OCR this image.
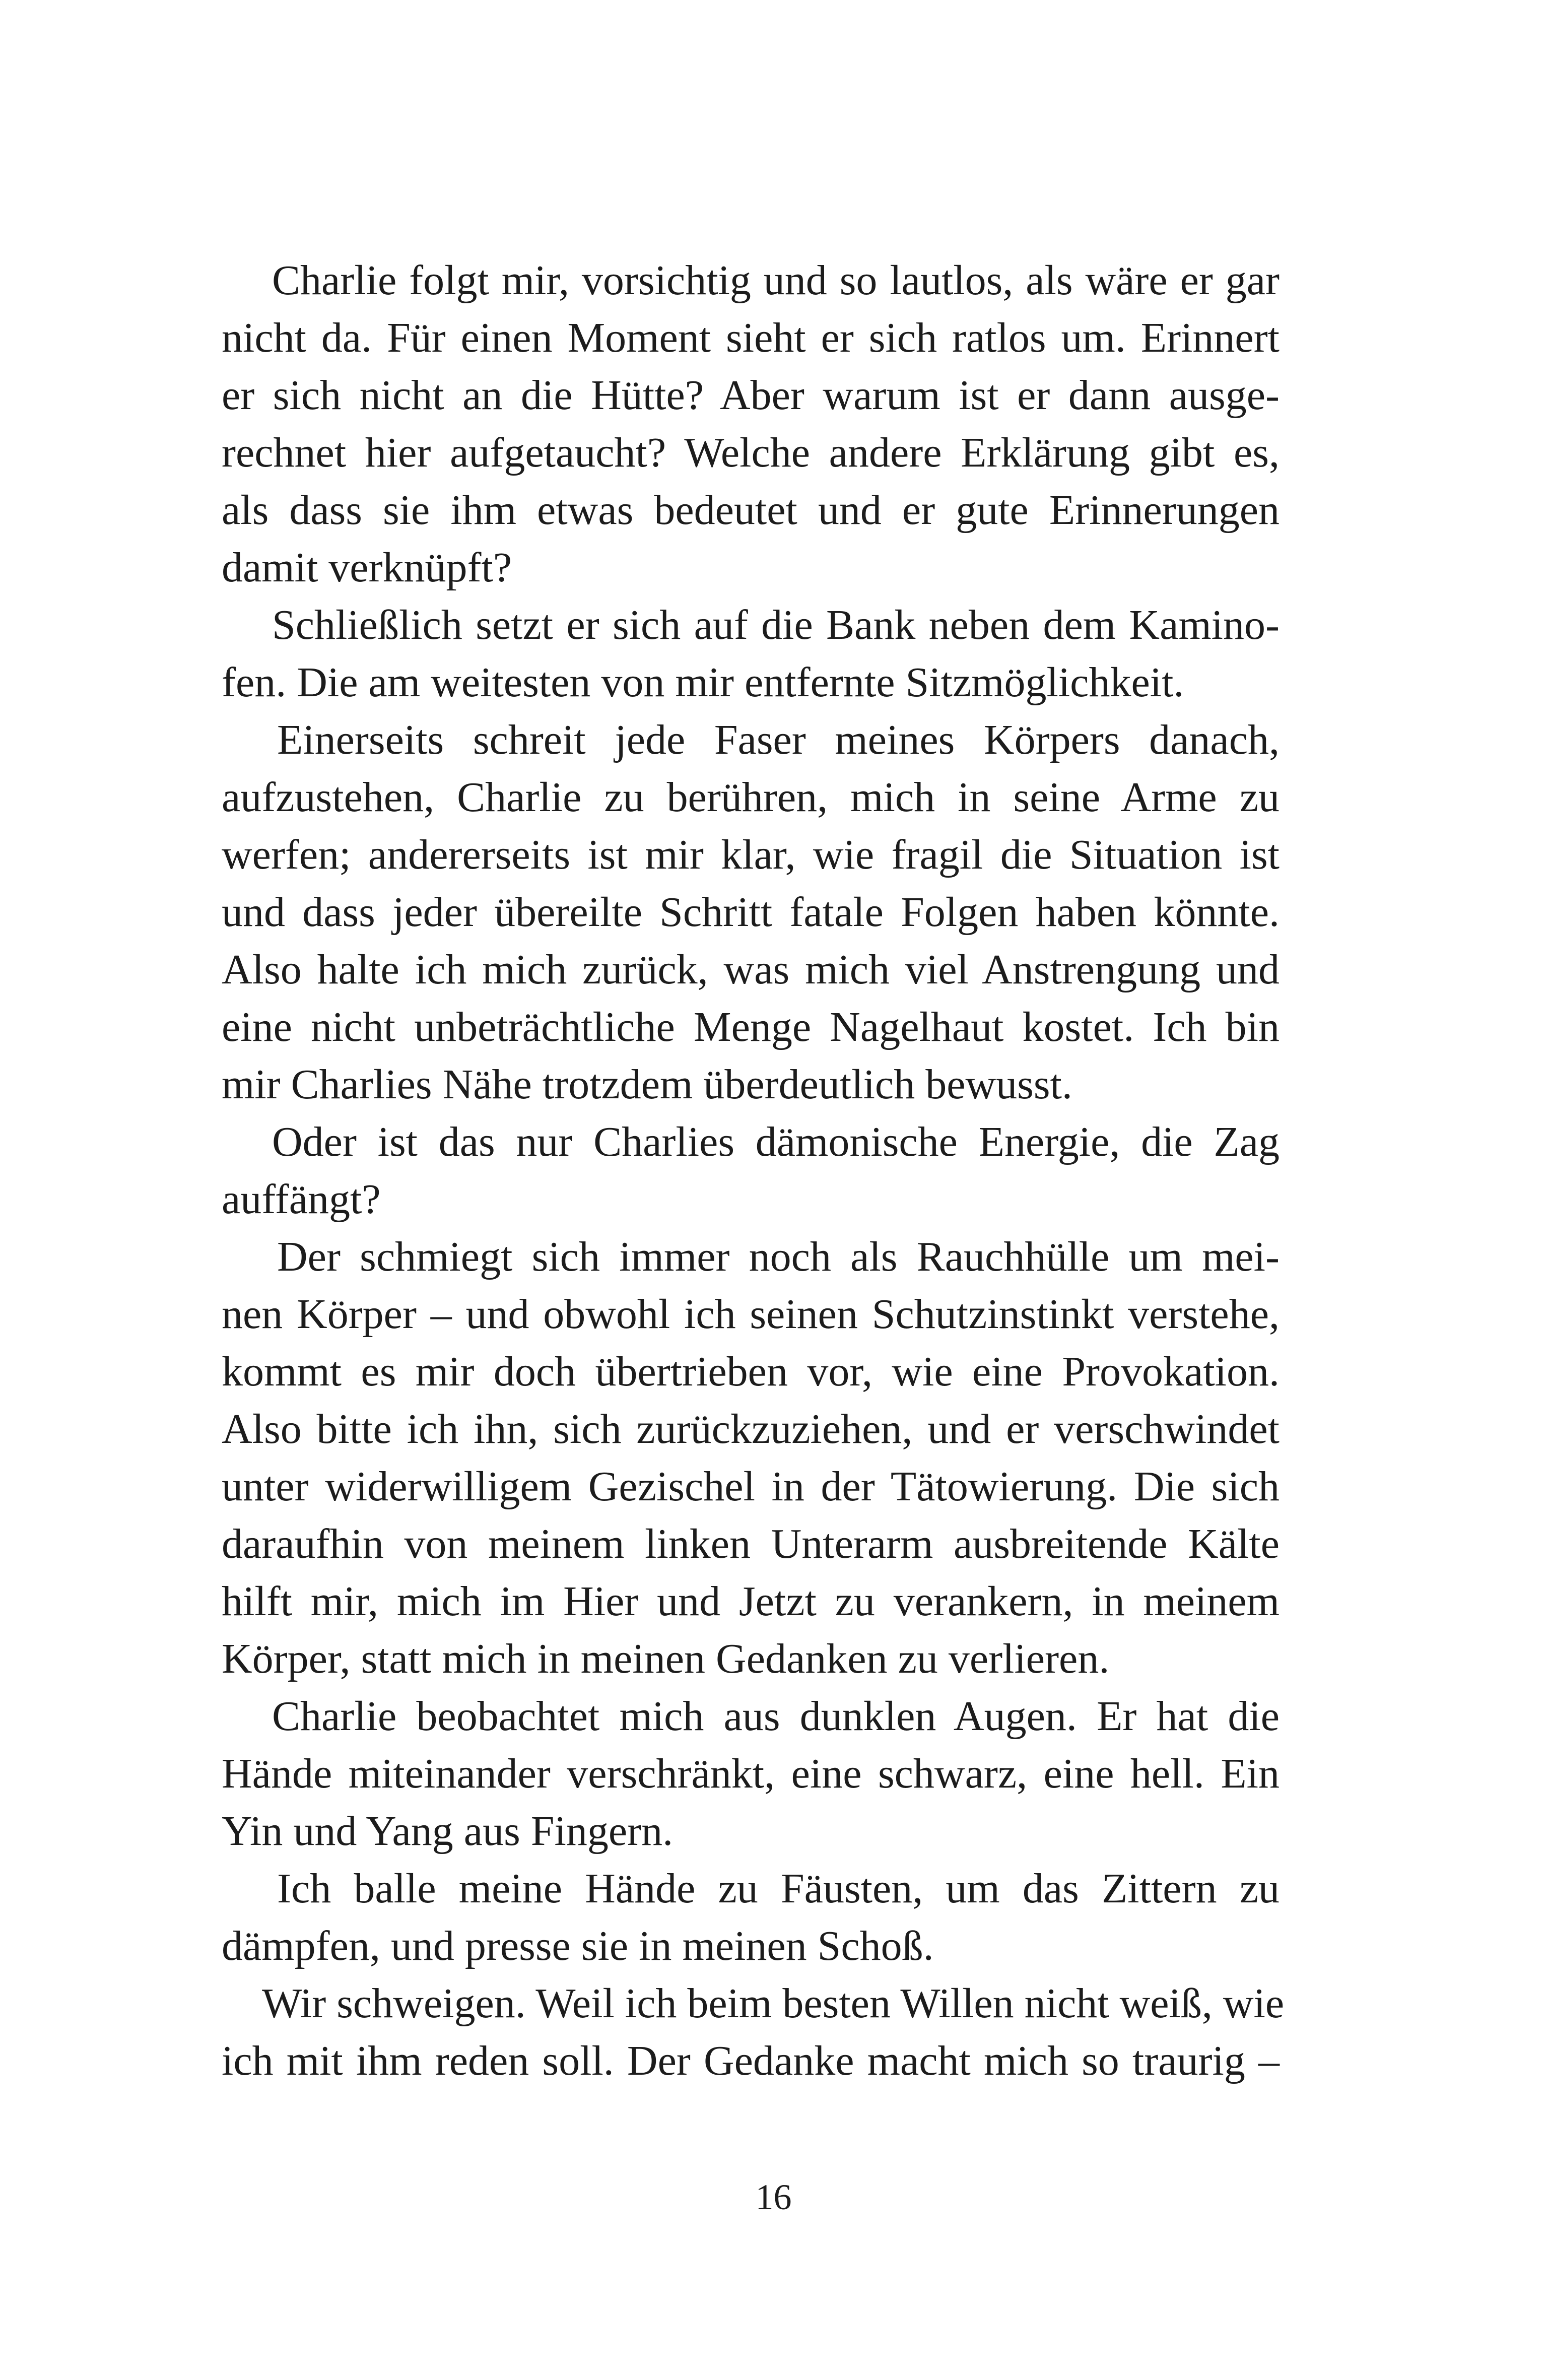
Charlie folgt mir, vorsichtig und so lautlos, als wäre er gar
nicht da. Für einen Moment sieht er sich ratlos um. Erinnert
er sich nicht an die Hütte? Aber warum ist er dann ausge-
rechnet hier aufgetaucht? Welche andere Erklärung gibt es,
als dass sie ihm etwas bedeutet und er gute Erinnerungen
damit verknüpft?
Schließlich setzt er sich auf die Bank neben dem Kamino-
fen. Die am weitesten von mir entfernte Sitzmöglichkeit.
Einerseits schreit jede Faser meines Körpers danach,
aufzustehen, Charlie zu berühren, mich in seine Arme zu
werfen; andererseits ist mir klar, wie fragil die Situation ist
und dass jeder übereilte Schritt fatale Folgen haben könnte.
Also halte ich mich zurück, was mich viel Anstrengung und
eine nicht unbeträchtliche Menge Nagelhaut kostet. Ich bin
mir Charlies Nähe trotzdem überdeutlich bewusst.
Oder ist das nur Charlies dämonische Energie, die Zag
auffängt?
Der schmiegt sich immer noch als Rauchhülle um mei-
nen Körper – und obwohl ich seinen Schutzinstinkt verstehe,
kommt es mir doch übertrieben vor, wie eine Provokation.
Also bitte ich ihn, sich zurückzuziehen, und er verschwindet
unter widerwilligem Gezischel in der Tätowierung. Die sich
daraufhin von meinem linken Unterarm ausbreitende Kälte
hilft mir, mich im Hier und Jetzt zu verankern, in meinem
Körper, statt mich in meinen Gedanken zu verlieren.
Charlie beobachtet mich aus dunklen Augen. Er hat die
Hände miteinander verschränkt, eine schwarz, eine hell. Ein
Yin und Yang aus Fingern.
Ich balle meine Hände zu Fäusten, um das Zittern zu
dämpfen, und presse sie in meinen Schoß.
Wir schweigen. Weil ich beim besten Willen nicht weiß, wie
ich mit ihm reden soll. Der Gedanke macht mich so traurig –
16
